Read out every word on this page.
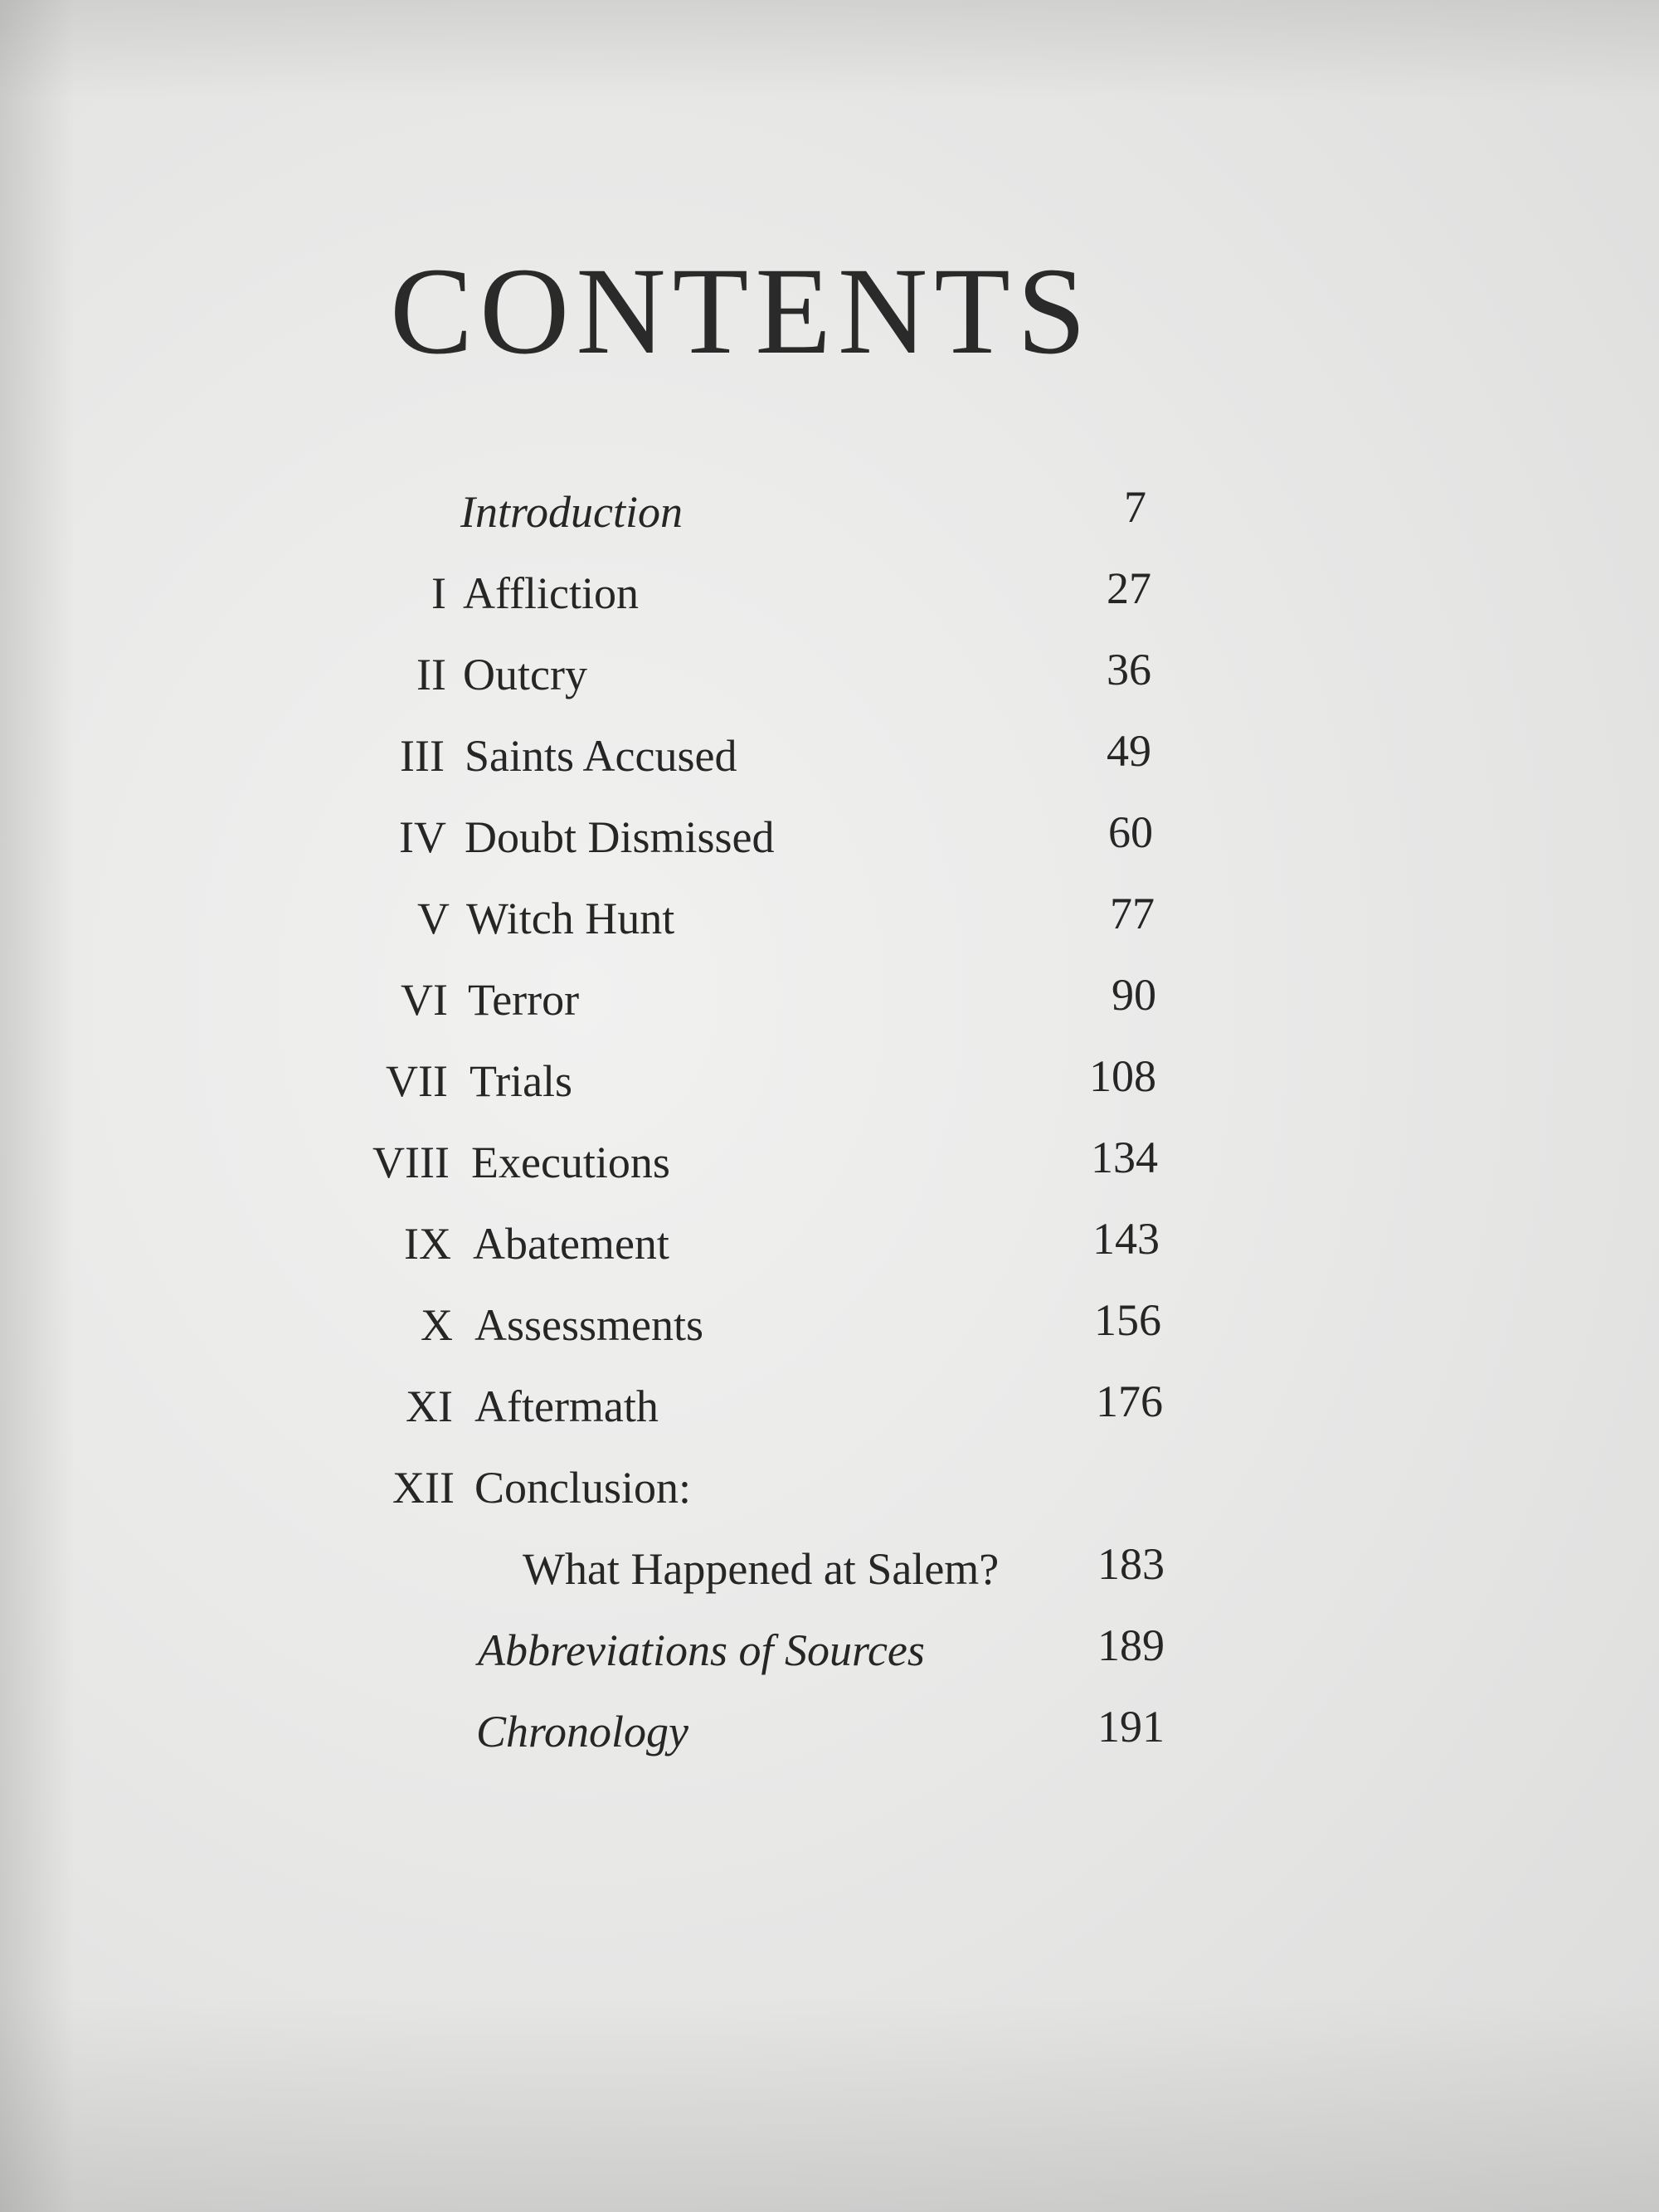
CONTENTS
Introduction	7
I Affliction	27
II Outcry	36
III Saints Accused	49
IV Doubt Dismissed	60
V Witch Hunt	77
VI Terror	90
VII Trials	108
VIII Executions	134
IX Abatement	143
X Assessments	156
XI Aftermath	176
XII Conclusion:
What Happened at Salem? 183
Abbreviations of Sources	189
Chronology	191
